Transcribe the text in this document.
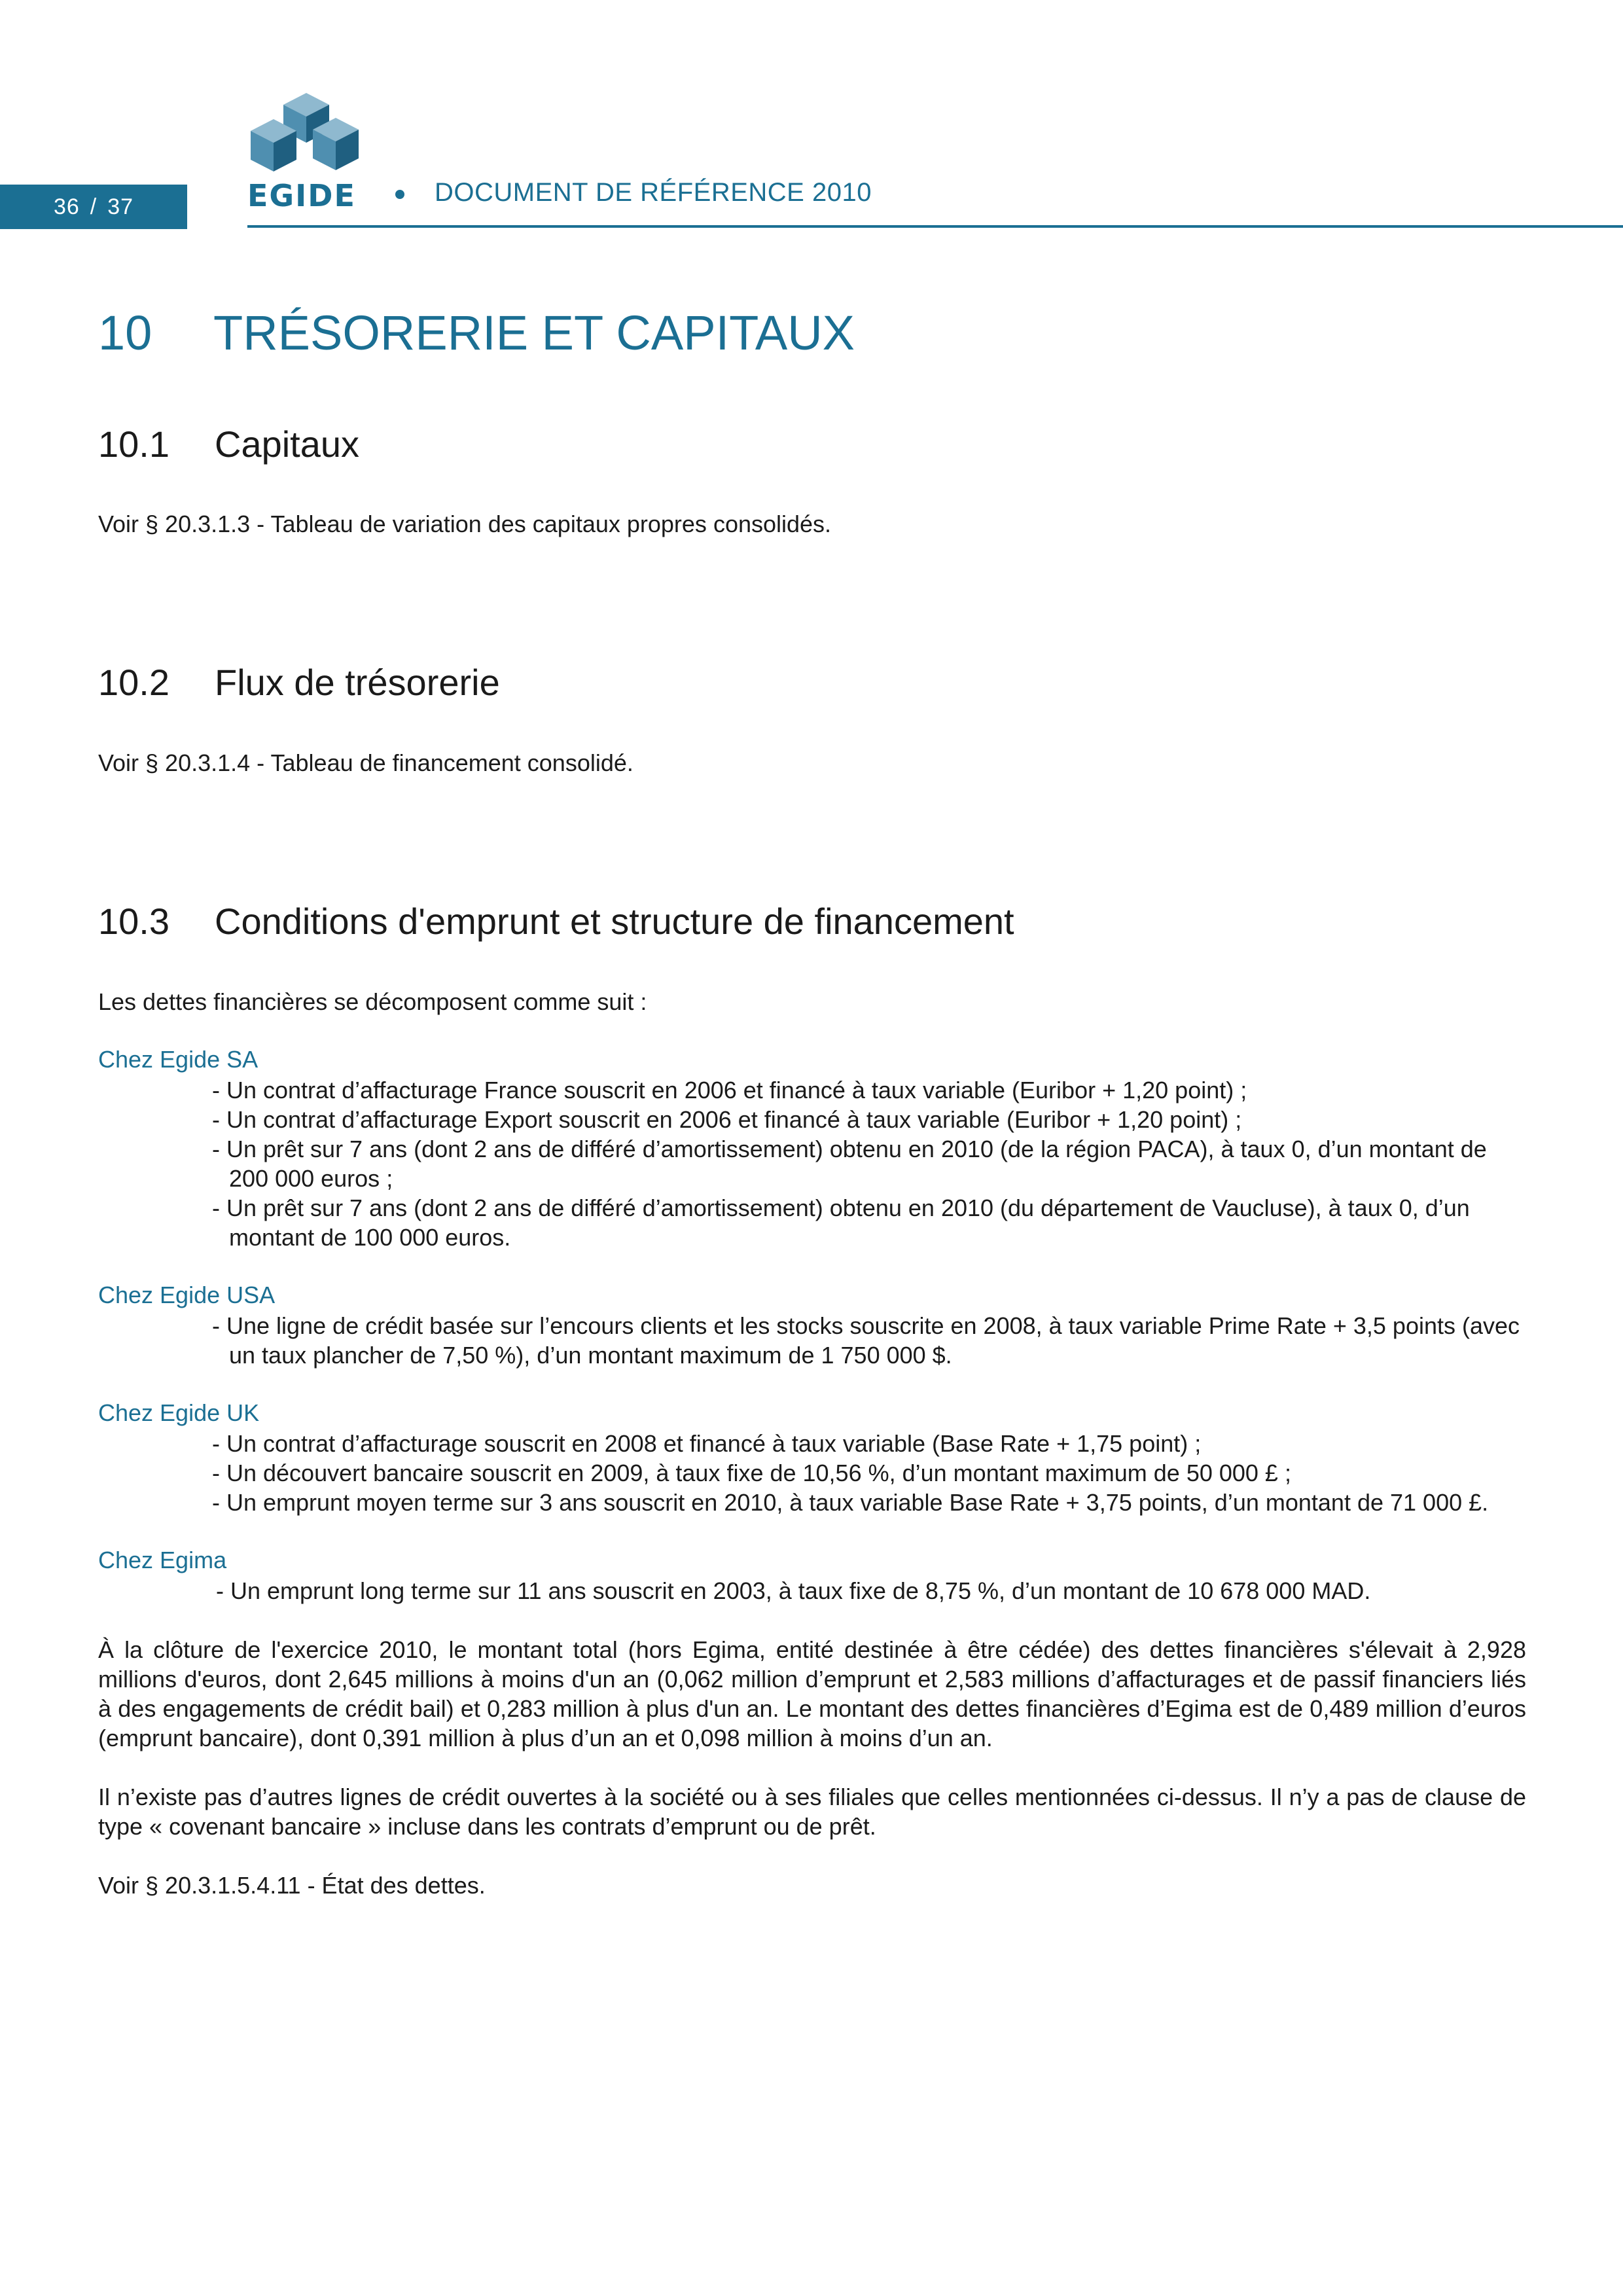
36 / 37	EGIDE	DOCUMENT DE RÉFÉRENCE 2010
10 TRÉSORERIE ET CAPITAUX
10.1 Capitaux
Voir § 20.3.1.3 - Tableau de variation des capitaux propres consolidés.
10.2 Flux de trésorerie
Voir § 20.3.1.4 - Tableau de financement consolidé.
10.3 Conditions d'emprunt et structure de financement
Les dettes financières se décomposent comme suit :
Chez Egide SA
- Un contrat d’affacturage France souscrit en 2006 et financé à taux variable (Euribor + 1,20 point) ;
- Un contrat d’affacturage Export souscrit en 2006 et financé à taux variable (Euribor + 1,20 point) ;
- Un prêt sur 7 ans (dont 2 ans de différé d’amortissement) obtenu en 2010 (de la région PACA), à taux 0, d’un montant de 200 000 euros ;
- Un prêt sur 7 ans (dont 2 ans de différé d’amortissement) obtenu en 2010 (du département de Vaucluse), à taux 0, d’un montant de 100 000 euros.
Chez Egide USA
- Une ligne de crédit basée sur l’encours clients et les stocks souscrite en 2008, à taux variable Prime Rate + 3,5 points (avec un taux plancher de 7,50 %), d’un montant maximum de 1 750 000 $.
Chez Egide UK
- Un contrat d’affacturage souscrit en 2008 et financé à taux variable (Base Rate + 1,75 point) ;
- Un découvert bancaire souscrit en 2009, à taux fixe de 10,56 %, d’un montant maximum de 50 000 £ ;
- Un emprunt moyen terme sur 3 ans souscrit en 2010, à taux variable Base Rate + 3,75 points, d’un montant de 71 000 £.
Chez Egima
- Un emprunt long terme sur 11 ans souscrit en 2003, à taux fixe de 8,75 %, d’un montant de 10 678 000 MAD.
À la clôture de l'exercice 2010, le montant total (hors Egima, entité destinée à être cédée) des dettes financières s'élevait à 2,928 millions d'euros, dont 2,645 millions à moins d'un an (0,062 million d’emprunt et 2,583 millions d’affacturages et de passif financiers liés à des engagements de crédit bail) et 0,283 million à plus d'un an. Le montant des dettes financières d’Egima est de 0,489 million d’euros (emprunt bancaire), dont 0,391 million à plus d’un an et 0,098 million à moins d’un an.
Il n’existe pas d’autres lignes de crédit ouvertes à la société ou à ses filiales que celles mentionnées ci-dessus. Il n’y a pas de clause de type « covenant bancaire » incluse dans les contrats d’emprunt ou de prêt.
Voir § 20.3.1.5.4.11 - État des dettes.
